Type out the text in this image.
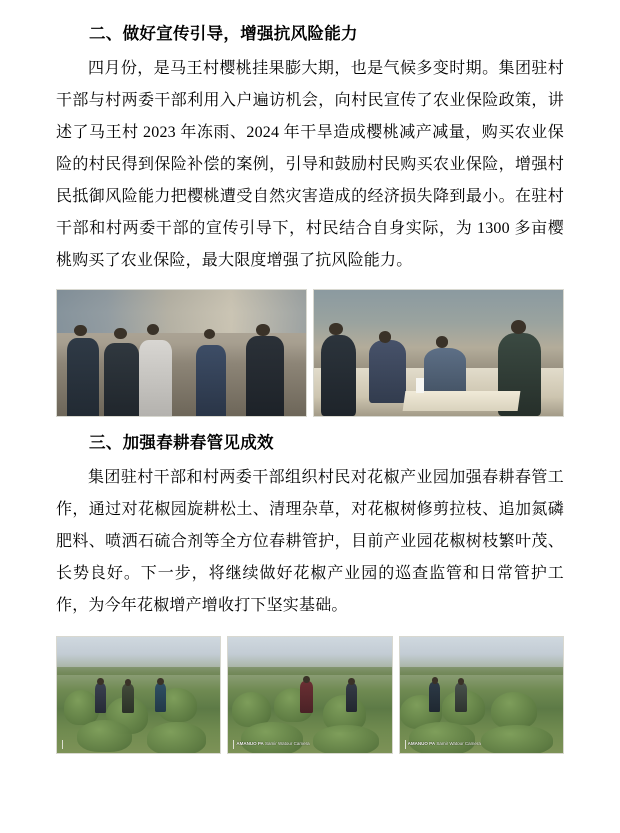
二、做好宣传引导，增强抗风险能力

四月份，是马王村樱桃挂果膨大期，也是气候多变时期。集团驻村干部与村两委干部利用入户遍访机会，向村民宣传了农业保险政策，讲述了马王村 2023 年冻雨、2024 年干旱造成樱桃减产减量，购买农业保险的村民得到保险补偿的案例，引导和鼓励村民购买农业保险，增强村民抵御风险能力把樱桃遭受自然灾害造成的经济损失降到最小。在驻村干部和村两委干部的宣传引导下，村民结合自身实际，为 1300 多亩樱桃购买了农业保险，最大限度增强了抗风险能力。

三、加强春耕春管见成效

集团驻村干部和村两委干部组织村民对花椒产业园加强春耕春管工作，通过对花椒园旋耕松土、清理杂草，对花椒树修剪拉枝、追加氮磷肥料、喷洒石硫合剂等全方位春耕管护，目前产业园花椒树枝繁叶茂、长势良好。下一步，将继续做好花椒产业园的巡查监管和日常管护工作，为今年花椒增产增收打下坚实基础。

AMANUO PA Samir Watour Camera	AMANUO PA Samir Watour Camera
